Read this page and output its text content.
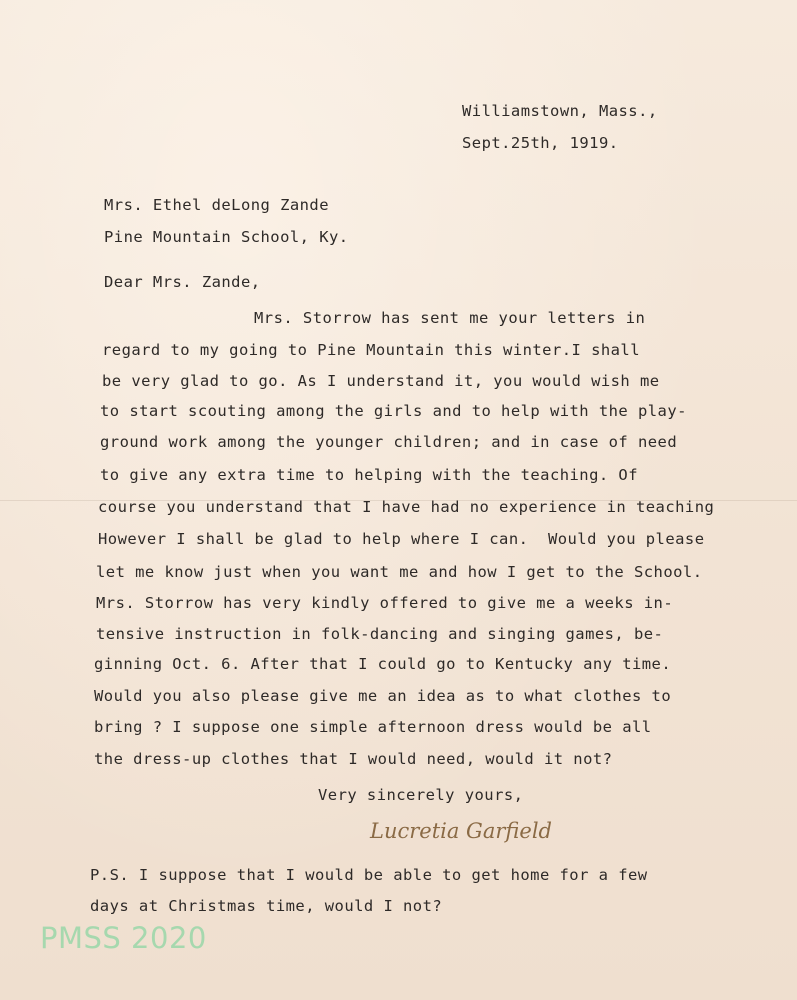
Williamstown, Mass.,
Sept.25th, 1919.
Mrs. Ethel deLong Zande
Pine Mountain School, Ky.
Dear Mrs. Zande,
Mrs. Storrow has sent me your letters in
regard to my going to Pine Mountain this winter.I shall
be very glad to go. As I understand it, you would wish me
to start scouting among the girls and to help with the play-
ground work among the younger children; and in case of need
to give any extra time to helping with the teaching. Of
course you understand that I have had no experience in teaching
However I shall be glad to help where I can.  Would you please
let me know just when you want me and how I get to the School.
Mrs. Storrow has very kindly offered to give me a weeks in-
tensive instruction in folk-dancing and singing games, be-
ginning Oct. 6. After that I could go to Kentucky any time.
Would you also please give me an idea as to what clothes to
bring ? I suppose one simple afternoon dress would be all
the dress-up clothes that I would need, would it not?
Very sincerely yours,
Lucretia Garfield
P.S. I suppose that I would be able to get home for a few
days at Christmas time, would I not?
PMSS 2020
